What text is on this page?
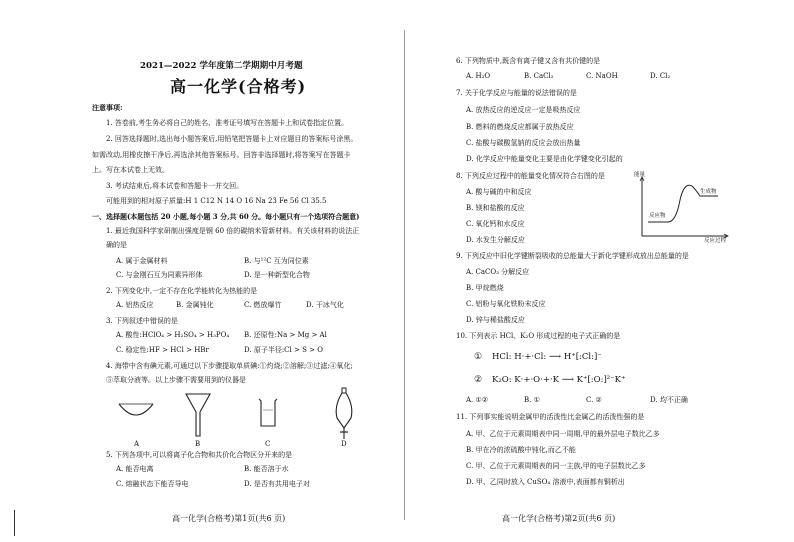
2021—2022 学年度第二学期期中月考题
高一化学(合格考)
注意事项:
1. 答卷前,考生务必将自己的姓名、准考证号填写在答题卡上和试卷指定位置。
2. 回答选择题时,选出每小题答案后,用铅笔把答题卡上对应题目的答案标号涂黑。
如需改动,用橡皮擦干净后,再选涂其他答案标号。回答非选择题时,将答案写在答题卡
上。写在本试卷上无效。
3. 考试结束后,将本试卷和答题卡一并交回。
可能用到的相对原子质量:H 1 C12 N 14 O 16 Na 23 Fe 56 Cl 35.5
一、选择题(本题包括 20 小题,每小题 3 分,共 60 分。每小题只有一个选项符合题意)
1. 最近我国科学家研制出强度是钢 60 倍的碳纳米管新材料。有关该材料的说法正
确的是
A. 属于金属材料	B. 与¹²C 互为同位素
C. 与金刚石互为同素异形体	D. 是一种新型化合物
2. 下列变化中,一定不存在化学能转化为热能的是
A. 铝热反应	B. 金属钝化	C. 燃放爆竹	D. 干冰气化
3. 下列叙述中错误的是
A. 酸性:HClO₄ > H₂SO₄ > H₃PO₄ B. 还原性:Na > Mg > Al
C. 稳定性:HF > HCl > HBr	D. 原子半径:Cl > S > O
4. 海带中含有碘元素,可通过以下步骤提取单质碘:①灼烧;②溶解;③过滤;④氧化;
⑤萃取分液等。以上步骤不需要用到的仪器是
A	B	C	D
5. 下列各项中,可以将离子化合物和共价化合物区分开来的是
A. 能否电离	B. 能否溶于水
C. 熔融状态下能否导电	D. 是否有共用电子对
高一化学(合格考)第1页(共6 页)
6. 下列物质中,既含有离子键又含有共价键的是
A. H₂O	B. CaCl₂	C. NaOH	D. Cl₂
7. 关于化学反应与能量的说法错误的是
A. 放热反应的逆反应一定是吸热反应
B. 燃料的燃烧反应都属于放热反应
C. 盐酸与碳酸氢钠的反应会放出热量
D. 化学反应中能量变化主要是由化学键变化引起的
8. 下列反应过程中的能量变化情况符合右图的是
A. 酸与碱的中和反应
B. 镁和盐酸的反应
C. 氧化钙和水反应
D. 水发生分解反应
能量
反应物
生成物
反应过程
9. 下列反应中旧化学键断裂吸收的总能量大于新化学键形成放出总能量的是
A. CaCO₃ 分解反应
B. 甲烷燃烧
C. 铝粉与氧化铁粉末反应
D. 锌与稀盐酸反应
10. 下列表示 HCl、K₂O 形成过程的电子式正确的是
① HCl: H·+·Cl: ⟶ H⁺[:Cl:]⁻
② K₂O: K·+·O·+·K ⟶ K⁺[:O:]²⁻K⁺
A. ①②	B. ①	C. ②	D. 均不正确
11. 下列事实能说明金属甲的活泼性比金属乙的活泼性强的是
A. 甲、乙位于元素周期表中同一周期,甲的最外层电子数比乙多
B. 甲在冷的浓硫酸中钝化,而乙不能
C. 甲、乙位于元素周期表的同一主族,甲的电子层数比乙多
D. 甲、乙同时放入 CuSO₄ 溶液中,表面都有铜析出
高一化学(合格考)第2页(共6 页)
